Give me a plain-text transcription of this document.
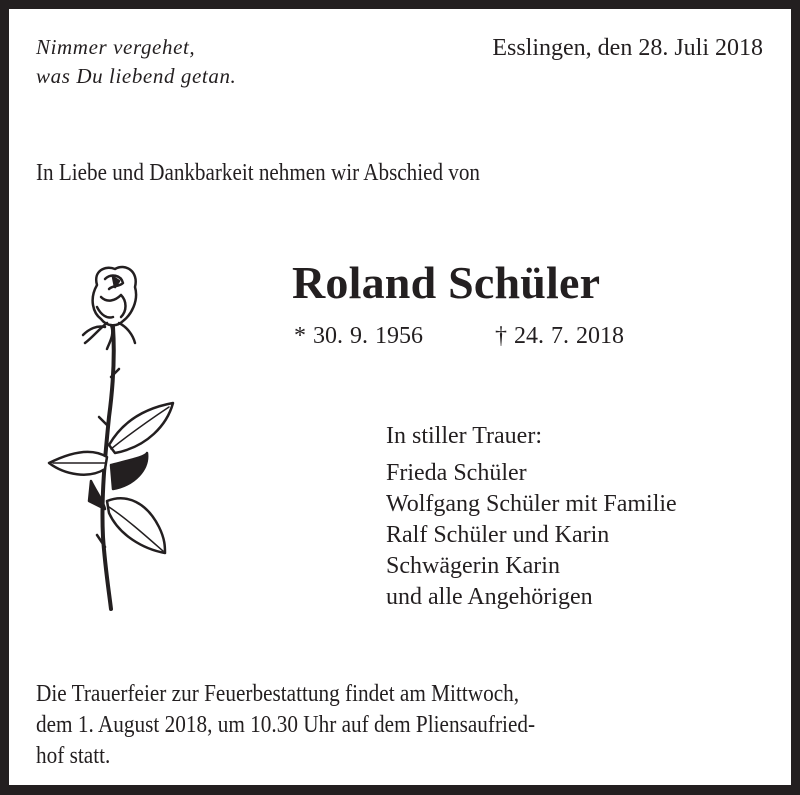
Nimmer vergehet,
was Du liebend getan.
Esslingen, den 28. Juli 2018
In Liebe und Dankbarkeit nehmen wir Abschied von
Roland Schüler
* 30. 9. 1956	† 24. 7. 2018
In stiller Trauer:
Frieda Schüler
Wolfgang Schüler mit Familie
Ralf Schüler und Karin
Schwägerin Karin
und alle Angehörigen
Die Trauerfeier zur Feuerbestattung findet am Mittwoch,
dem 1. August 2018, um 10.30 Uhr auf dem Pliensaufried-
hof statt.
